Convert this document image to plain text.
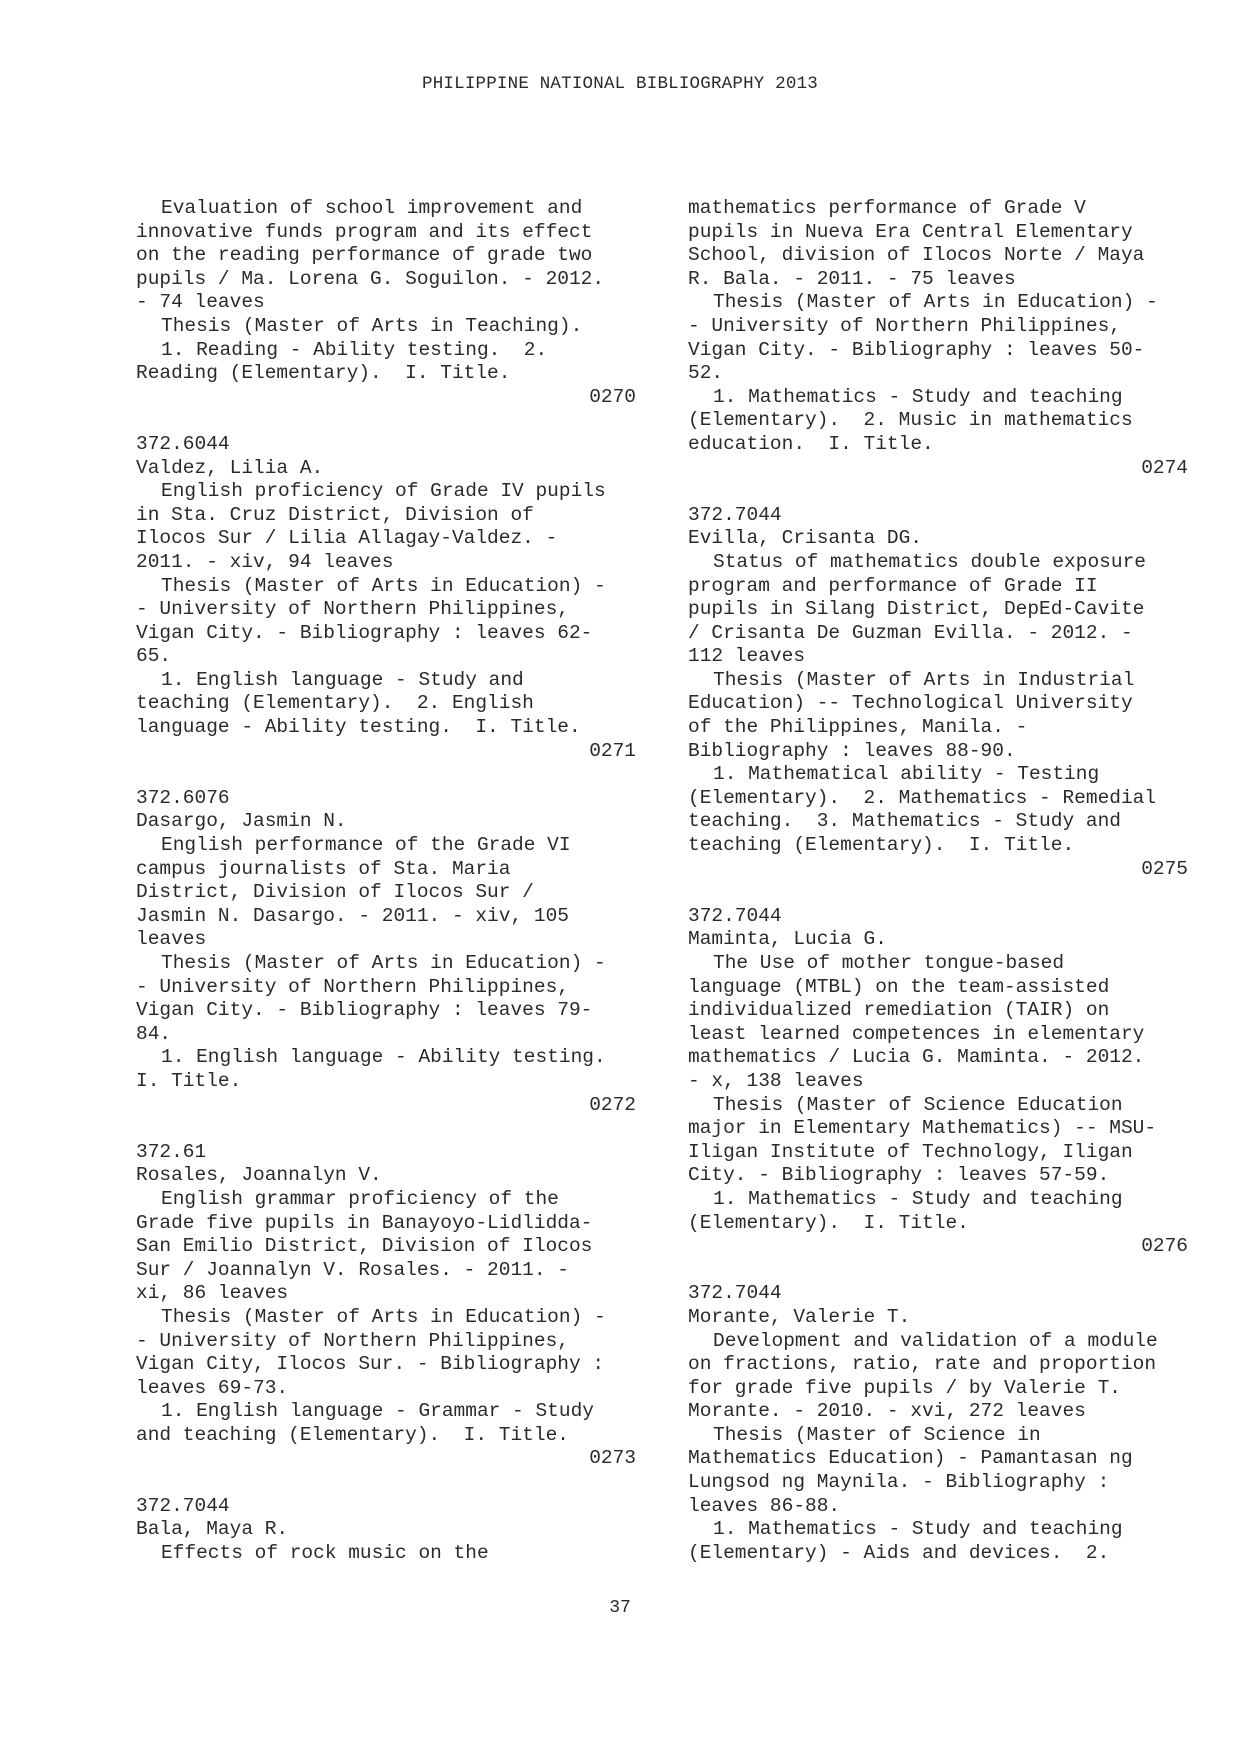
PHILIPPINE NATIONAL BIBLIOGRAPHY 2013
Evaluation of school improvement and
innovative funds program and its effect
on the reading performance of grade two
pupils / Ma. Lorena G. Soguilon. - 2012.
- 74 leaves
Thesis (Master of Arts in Teaching).
1. Reading - Ability testing.  2.
Reading (Elementary).  I. Title.
0270
372.6044
Valdez, Lilia A.
English proficiency of Grade IV pupils
in Sta. Cruz District, Division of
Ilocos Sur / Lilia Allagay-Valdez. -
2011. - xiv, 94 leaves
Thesis (Master of Arts in Education) -
- University of Northern Philippines,
Vigan City. - Bibliography : leaves 62-
65.
1. English language - Study and
teaching (Elementary).  2. English
language - Ability testing.  I. Title.
0271
372.6076
Dasargo, Jasmin N.
English performance of the Grade VI
campus journalists of Sta. Maria
District, Division of Ilocos Sur /
Jasmin N. Dasargo. - 2011. - xiv, 105
leaves
Thesis (Master of Arts in Education) -
- University of Northern Philippines,
Vigan City. - Bibliography : leaves 79-
84.
1. English language - Ability testing.
I. Title.
0272
372.61
Rosales, Joannalyn V.
English grammar proficiency of the
Grade five pupils in Banayoyo-Lidlidda-
San Emilio District, Division of Ilocos
Sur / Joannalyn V. Rosales. - 2011. -
xi, 86 leaves
Thesis (Master of Arts in Education) -
- University of Northern Philippines,
Vigan City, Ilocos Sur. - Bibliography :
leaves 69-73.
1. English language - Grammar - Study
and teaching (Elementary).  I. Title.
0273
372.7044
Bala, Maya R.
Effects of rock music on the
mathematics performance of Grade V
pupils in Nueva Era Central Elementary
School, division of Ilocos Norte / Maya
R. Bala. - 2011. - 75 leaves
Thesis (Master of Arts in Education) -
- University of Northern Philippines,
Vigan City. - Bibliography : leaves 50-
52.
1. Mathematics - Study and teaching
(Elementary).  2. Music in mathematics
education.  I. Title.
0274
372.7044
Evilla, Crisanta DG.
Status of mathematics double exposure
program and performance of Grade II
pupils in Silang District, DepEd-Cavite
/ Crisanta De Guzman Evilla. - 2012. -
112 leaves
Thesis (Master of Arts in Industrial
Education) -- Technological University
of the Philippines, Manila. -
Bibliography : leaves 88-90.
1. Mathematical ability - Testing
(Elementary).  2. Mathematics - Remedial
teaching.  3. Mathematics - Study and
teaching (Elementary).  I. Title.
0275
372.7044
Maminta, Lucia G.
The Use of mother tongue-based
language (MTBL) on the team-assisted
individualized remediation (TAIR) on
least learned competences in elementary
mathematics / Lucia G. Maminta. - 2012.
- x, 138 leaves
Thesis (Master of Science Education
major in Elementary Mathematics) -- MSU-
Iligan Institute of Technology, Iligan
City. - Bibliography : leaves 57-59.
1. Mathematics - Study and teaching
(Elementary).  I. Title.
0276
372.7044
Morante, Valerie T.
Development and validation of a module
on fractions, ratio, rate and proportion
for grade five pupils / by Valerie T.
Morante. - 2010. - xvi, 272 leaves
Thesis (Master of Science in
Mathematics Education) - Pamantasan ng
Lungsod ng Maynila. - Bibliography :
leaves 86-88.
1. Mathematics - Study and teaching
(Elementary) - Aids and devices.  2.
37
